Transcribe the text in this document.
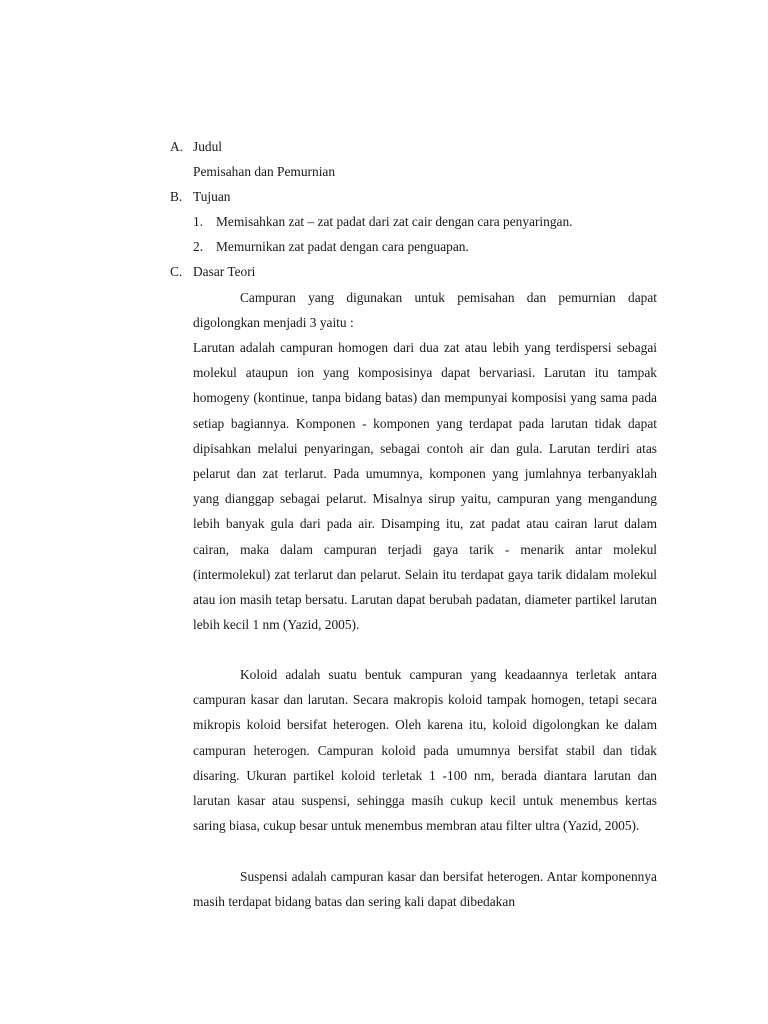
A. Judul
Pemisahan dan Pemurnian
B. Tujuan
1. Memisahkan zat – zat padat dari zat cair dengan cara penyaringan.
2. Memurnikan zat padat dengan cara penguapan.
C. Dasar Teori

Campuran yang digunakan untuk pemisahan dan pemurnian dapat digolongkan menjadi 3 yaitu :

Larutan adalah campuran homogen dari dua zat atau lebih yang terdispersi sebagai molekul ataupun ion yang komposisinya dapat bervariasi. Larutan itu tampak homogeny (kontinue, tanpa bidang batas) dan mempunyai komposisi yang sama pada setiap bagiannya. Komponen - komponen yang terdapat pada larutan tidak dapat dipisahkan melalui penyaringan, sebagai contoh air dan gula. Larutan terdiri atas pelarut dan zat terlarut. Pada umumnya, komponen yang jumlahnya terbanyaklah yang dianggap sebagai pelarut. Misalnya sirup yaitu, campuran yang mengandung lebih banyak gula dari pada air. Disamping itu, zat padat atau cairan larut dalam cairan, maka dalam campuran terjadi gaya tarik - menarik antar molekul (intermolekul) zat terlarut dan pelarut. Selain itu terdapat gaya tarik didalam molekul atau ion masih tetap bersatu. Larutan dapat berubah padatan, diameter partikel larutan lebih kecil 1 nm (Yazid, 2005).

Koloid adalah suatu bentuk campuran yang keadaannya terletak antara campuran kasar dan larutan. Secara makropis koloid tampak homogen, tetapi secara mikropis koloid bersifat heterogen. Oleh karena itu, koloid digolongkan ke dalam campuran heterogen. Campuran koloid pada umumnya bersifat stabil dan tidak disaring. Ukuran partikel koloid terletak 1 -100 nm, berada diantara larutan dan larutan kasar atau suspensi, sehingga masih cukup kecil untuk menembus kertas saring biasa, cukup besar untuk menembus membran atau filter ultra (Yazid, 2005).

Suspensi adalah campuran kasar dan bersifat heterogen. Antar komponennya masih terdapat bidang batas dan sering kali dapat dibedakan
